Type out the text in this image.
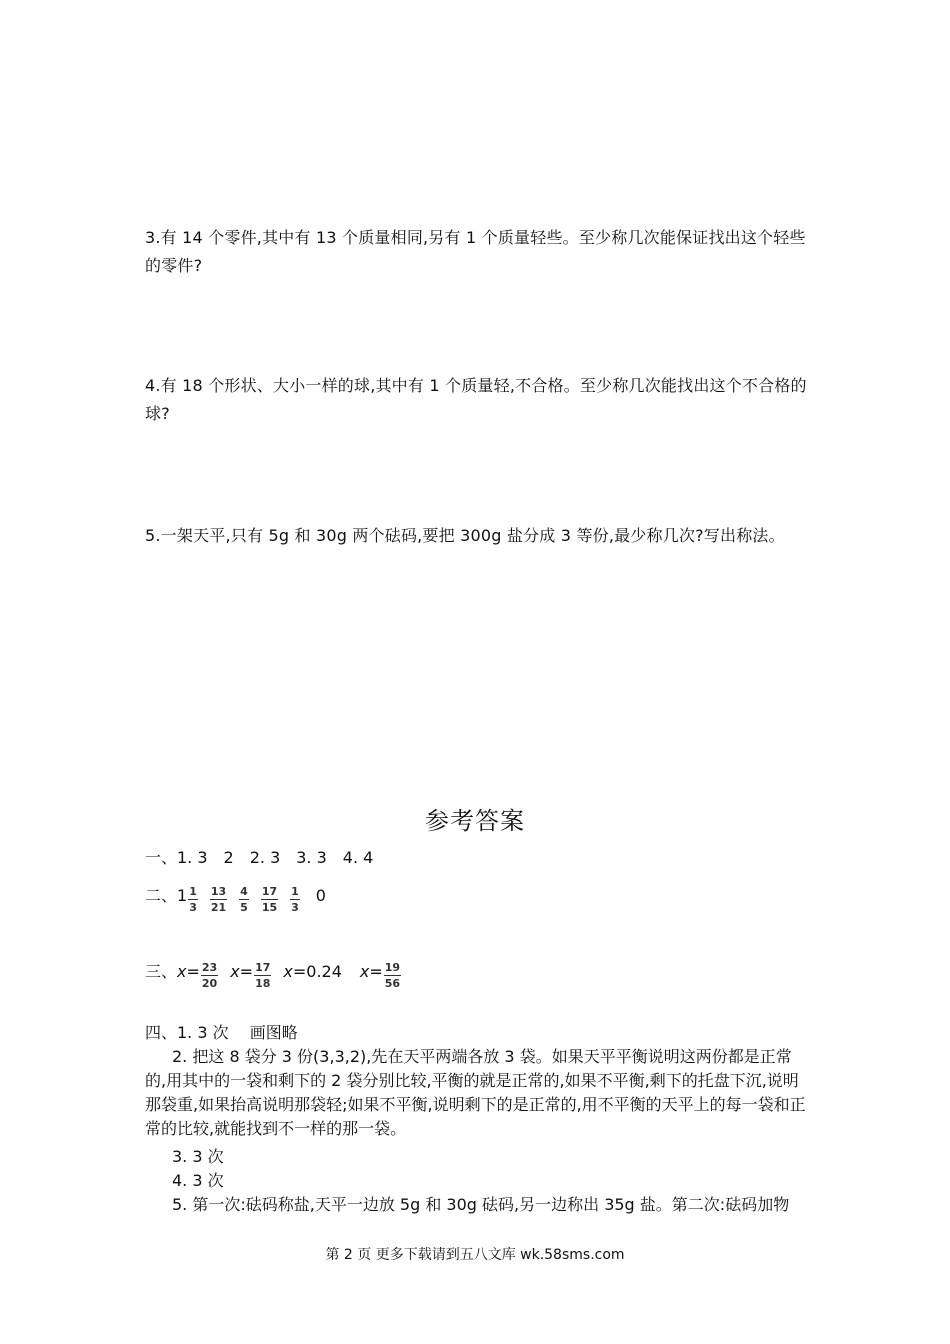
3.有 14 个零件,其中有 13 个质量相同,另有 1 个质量轻些。至少称几次能保证找出这个轻些的零件?
4.有 18 个形状、大小一样的球,其中有 1 个质量轻,不合格。至少称几次能找出这个不合格的球?
5.一架天平,只有 5g 和 30g 两个砝码,要把 300g 盐分成 3 等份,最少称几次?写出称法。
参考答案
一、1. 3　2　2. 3　3. 3　4. 4
二、$1 \frac{1}{3} \frac{13}{21} \frac{4}{5} \frac{17}{15} \frac{1}{3} 0$
三、$x= \frac{23}{20} x= \frac{17}{18} x=0.24$ $x= \frac{19}{56}$
四、1. 3 次　 画图略
2. 把这 8 袋分 3 份(3,3,2),先在天平两端各放 3 袋。如果天平平衡说明这两份都是正常的,用其中的一袋和剩下的 2 袋分别比较,平衡的就是正常的,如果不平衡,剩下的托盘下沉,说明那袋重,如果抬高说明那袋轻;如果不平衡,说明剩下的是正常的,用不平衡的天平上的每一袋和正常的比较,就能找到不一样的那一袋。
3. 3 次
4. 3 次
5. 第一次:砝码称盐,天平一边放 5g 和 30g 砝码,另一边称出 35g 盐。第二次:砝码加物
第 2 页 更多下载请到五八文库 wk.58sms.com
